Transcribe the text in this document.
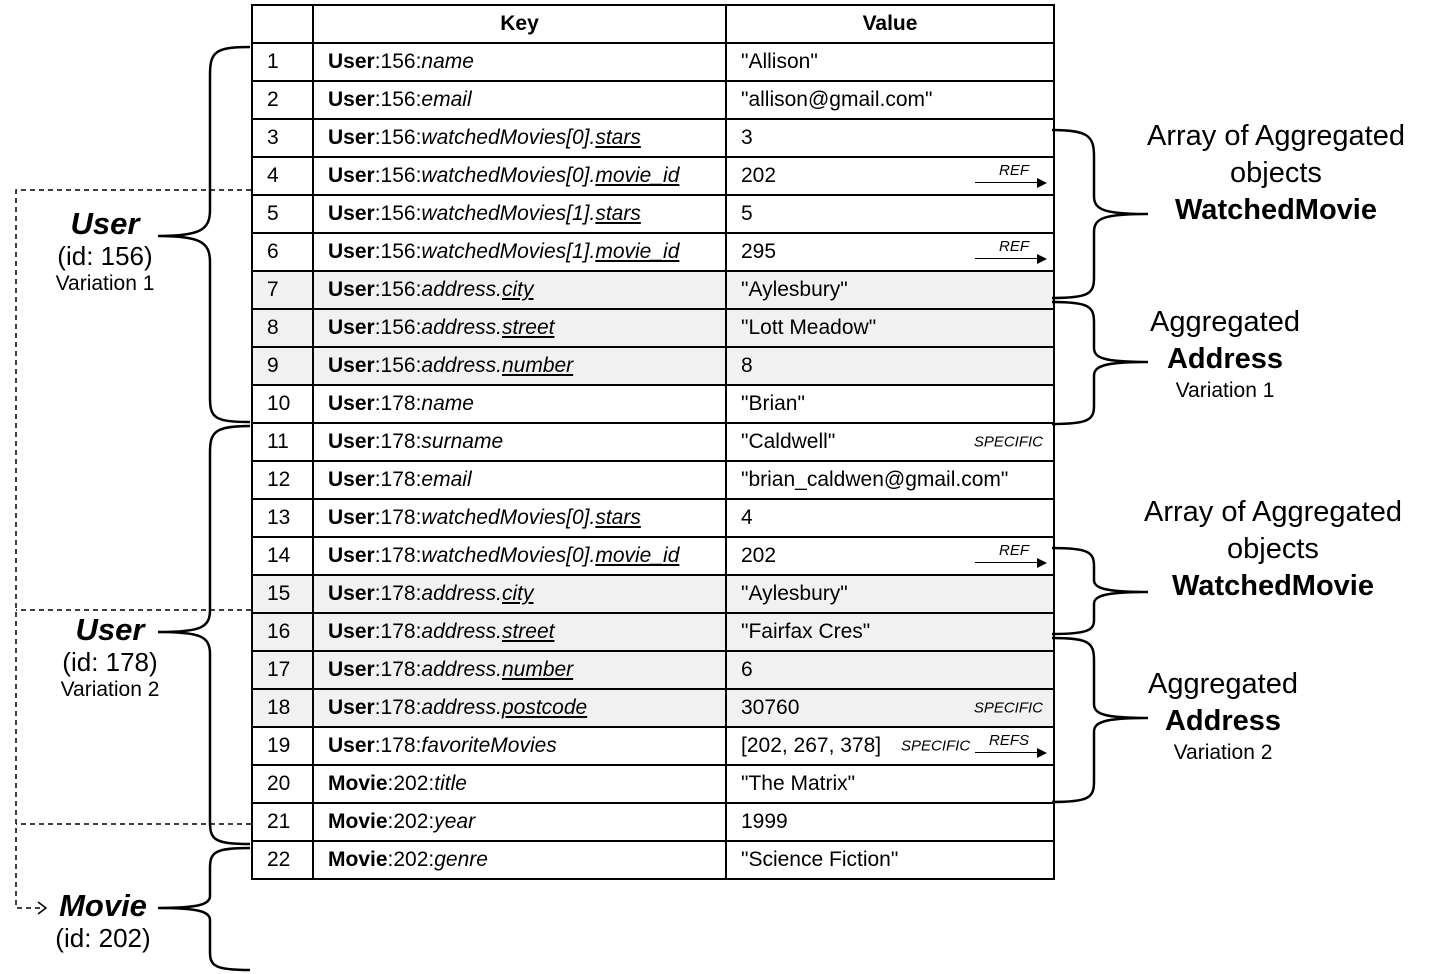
	Key	Value
1	User:156:name	"Allison"
2	User:156:email	"allison@gmail.com"
3	User:156:watchedMovies[0].stars	3
4	User:156:watchedMovies[0].movie_id	202 REF

5	User:156:watchedMovies[1].stars	5
6	User:156:watchedMovies[1].movie_id	295 REF

7	User:156:address.city	"Aylesbury"
8	User:156:address.street	"Lott Meadow"
9	User:156:address.number	8
10	User:178:name	"Brian"
11	User:178:surname	"Caldwell" SPECIFIC

12	User:178:email	"brian_caldwen@gmail.com"
13	User:178:watchedMovies[0].stars	4
14	User:178:watchedMovies[0].movie_id	202 REF

15	User:178:address.city	"Aylesbury"
16	User:178:address.street	"Fairfax Cres"
17	User:178:address.number	6
18	User:178:address.postcode	30760 SPECIFIC

19	User:178:favoriteMovies	[202, 267, 378] SPECIFIC REFS

20	Movie:202:title	"The Matrix"
21	Movie:202:year	1999
22	Movie:202:genre	"Science Fiction"
User
(id: 156)
Variation 1
User
(id: 178)
Variation 2
Movie
(id: 202)
Array of Aggregated
objects
WatchedMovie
Aggregated
Address
Variation 1
Array of Aggregated
objects
WatchedMovie
Aggregated
Address
Variation 2
